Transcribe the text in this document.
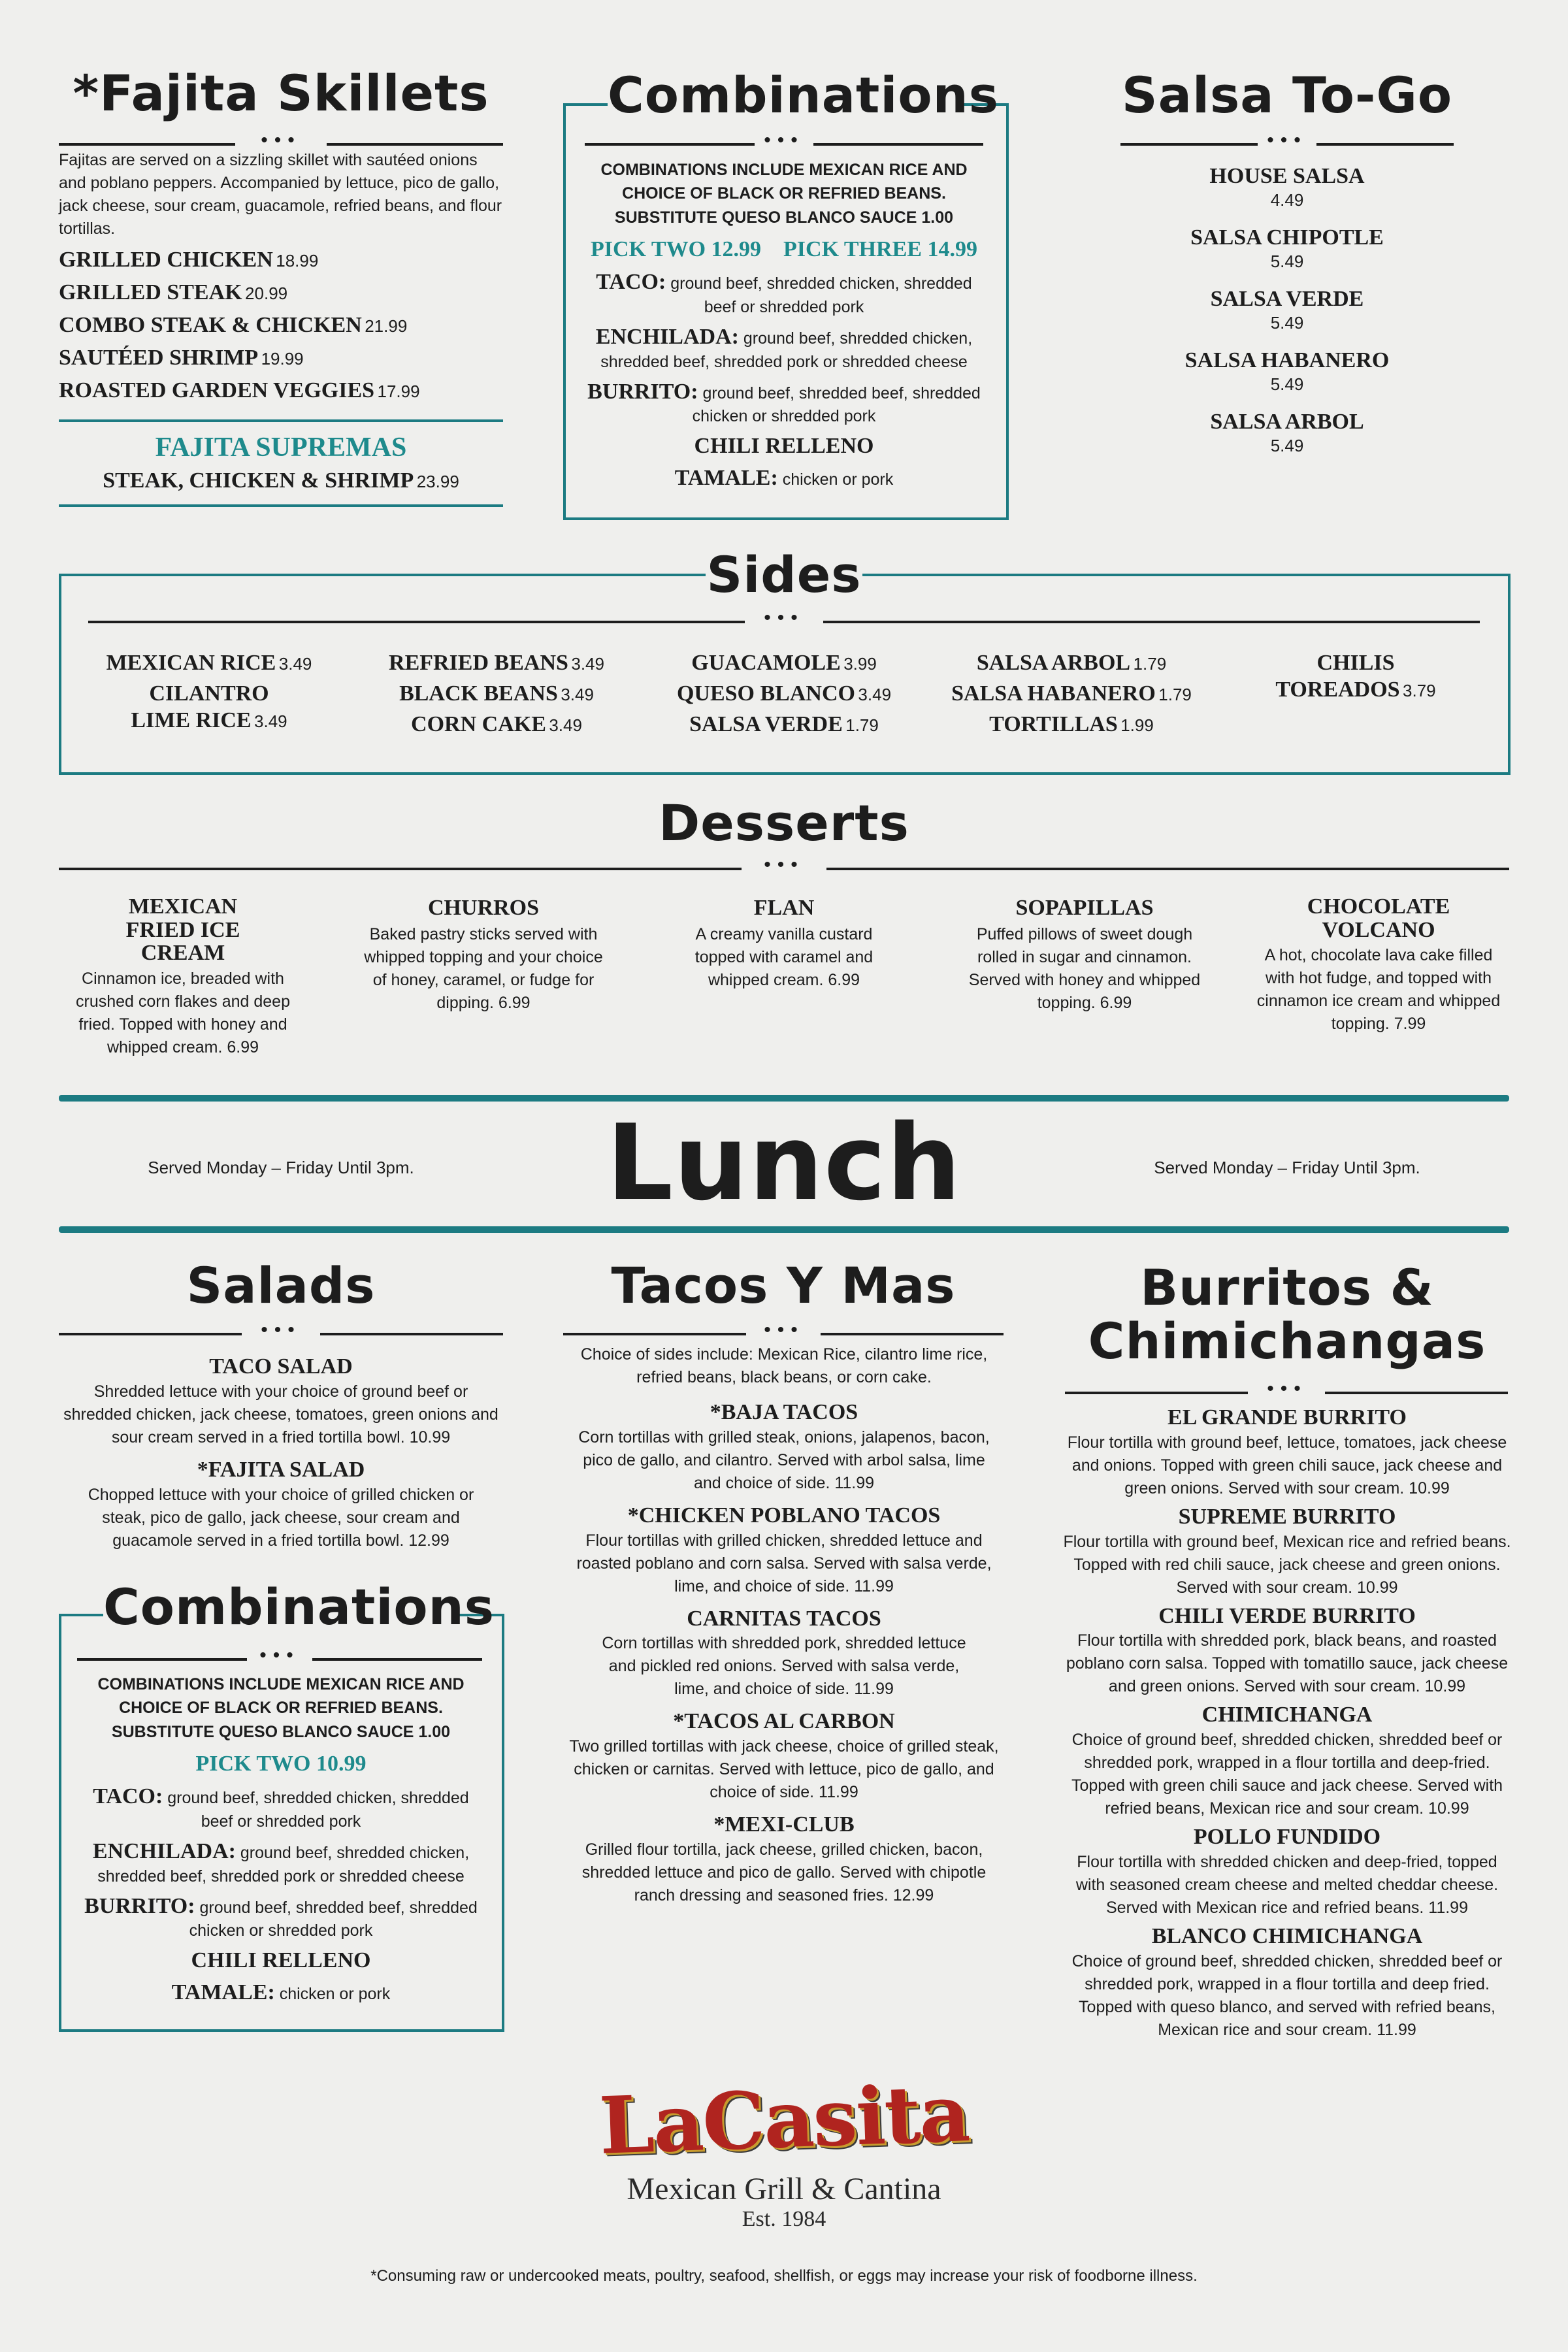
*Fajita Skillets
•••
Fajitas are served on a sizzling skillet with sautéed onions and poblano peppers. Accompanied by lettuce, pico de gallo, jack cheese, sour cream, guacamole, refried beans, and flour tortillas.
GRILLED CHICKEN 18.99
GRILLED STEAK 20.99
COMBO STEAK & CHICKEN 21.99
SAUTÉED SHRIMP 19.99
ROASTED GARDEN VEGGIES 17.99
FAJITA SUPREMAS
STEAK, CHICKEN & SHRIMP 23.99
Combinations
•••
COMBINATIONS INCLUDE MEXICAN RICE AND CHOICE OF BLACK OR REFRIED BEANS. SUBSTITUTE QUESO BLANCO SAUCE 1.00
PICK TWO 12.99    PICK THREE 14.99
TACO: ground beef, shredded chicken, shredded beef or shredded pork
ENCHILADA: ground beef, shredded chicken, shredded beef, shredded pork or shredded cheese
BURRITO: ground beef, shredded beef, shredded chicken or shredded pork
CHILI RELLENO
TAMALE: chicken or pork
Salsa To-Go
•••
HOUSE SALSA
4.49
SALSA CHIPOTLE
5.49
SALSA VERDE
5.49
SALSA HABANERO
5.49
SALSA ARBOL
5.49
Sides
•••
MEXICAN RICE 3.49
CILANTRO
LIME RICE 3.49
REFRIED BEANS 3.49
BLACK BEANS 3.49
CORN CAKE 3.49
GUACAMOLE 3.99
QUESO BLANCO 3.49
SALSA VERDE 1.79
SALSA ARBOL 1.79
SALSA HABANERO 1.79
TORTILLAS 1.99
CHILIS
TOREADOS 3.79
Desserts
•••
MEXICAN FRIED ICE CREAM
Cinnamon ice, breaded with crushed corn flakes and deep fried. Topped with honey and whipped cream. 6.99
CHURROS
Baked pastry sticks served with whipped topping and your choice of honey, caramel, or fudge for dipping. 6.99
FLAN
A creamy vanilla custard topped with caramel and whipped cream. 6.99
SOPAPILLAS
Puffed pillows of sweet dough rolled in sugar and cinnamon. Served with honey and whipped topping. 6.99
CHOCOLATE VOLCANO
A hot, chocolate lava cake filled with hot fudge, and topped with cinnamon ice cream and whipped topping. 7.99
Served Monday – Friday Until 3pm.	Lunch	Served Monday – Friday Until 3pm.
Salads
•••
TACO SALAD
Shredded lettuce with your choice of ground beef or shredded chicken, jack cheese, tomatoes, green onions and sour cream served in a fried tortilla bowl. 10.99
*FAJITA SALAD
Chopped lettuce with your choice of grilled chicken or steak, pico de gallo, jack cheese, sour cream and guacamole served in a fried tortilla bowl. 12.99
Combinations
•••
COMBINATIONS INCLUDE MEXICAN RICE AND CHOICE OF BLACK OR REFRIED BEANS. SUBSTITUTE QUESO BLANCO SAUCE 1.00
PICK TWO 10.99
TACO: ground beef, shredded chicken, shredded beef or shredded pork
ENCHILADA: ground beef, shredded chicken, shredded beef, shredded pork or shredded cheese
BURRITO: ground beef, shredded beef, shredded chicken or shredded pork
CHILI RELLENO
TAMALE: chicken or pork
Tacos Y Mas
•••
Choice of sides include: Mexican Rice, cilantro lime rice, refried beans, black beans, or corn cake.
*BAJA TACOS
Corn tortillas with grilled steak, onions, jalapenos, bacon, pico de gallo, and cilantro. Served with arbol salsa, lime and choice of side. 11.99
*CHICKEN POBLANO TACOS
Flour tortillas with grilled chicken, shredded lettuce and roasted poblano and corn salsa. Served with salsa verde, lime, and choice of side. 11.99
CARNITAS TACOS
Corn tortillas with shredded pork, shredded lettuce and pickled red onions. Served with salsa verde, lime, and choice of side. 11.99
*TACOS AL CARBON
Two grilled tortillas with jack cheese, choice of grilled steak, chicken or carnitas. Served with lettuce, pico de gallo, and choice of side. 11.99
*MEXI-CLUB
Grilled flour tortilla, jack cheese, grilled chicken, bacon, shredded lettuce and pico de gallo. Served with chipotle ranch dressing and seasoned fries. 12.99
Burritos &
Chimichangas
•••
EL GRANDE BURRITO
Flour tortilla with ground beef, lettuce, tomatoes, jack cheese and onions. Topped with green chili sauce, jack cheese and green onions. Served with sour cream. 10.99
SUPREME BURRITO
Flour tortilla with ground beef, Mexican rice and refried beans. Topped with red chili sauce, jack cheese and green onions. Served with sour cream. 10.99
CHILI VERDE BURRITO
Flour tortilla with shredded pork, black beans, and roasted poblano corn salsa. Topped with tomatillo sauce, jack cheese and green onions. Served with sour cream. 10.99
CHIMICHANGA
Choice of ground beef, shredded chicken, shredded beef or shredded pork, wrapped in a flour tortilla and deep-fried. Topped with green chili sauce and jack cheese. Served with refried beans, Mexican rice and sour cream. 10.99
POLLO FUNDIDO
Flour tortilla with shredded chicken and deep-fried, topped with seasoned cream cheese and melted cheddar cheese. Served with Mexican rice and refried beans. 11.99
BLANCO CHIMICHANGA
Choice of ground beef, shredded chicken, shredded beef or shredded pork, wrapped in a flour tortilla and deep fried. Topped with queso blanco, and served with refried beans, Mexican rice and sour cream. 11.99
LaCasita
Mexican Grill & Cantina
Est. 1984
*Consuming raw or undercooked meats, poultry, seafood, shellfish, or eggs may increase your risk of foodborne illness.
